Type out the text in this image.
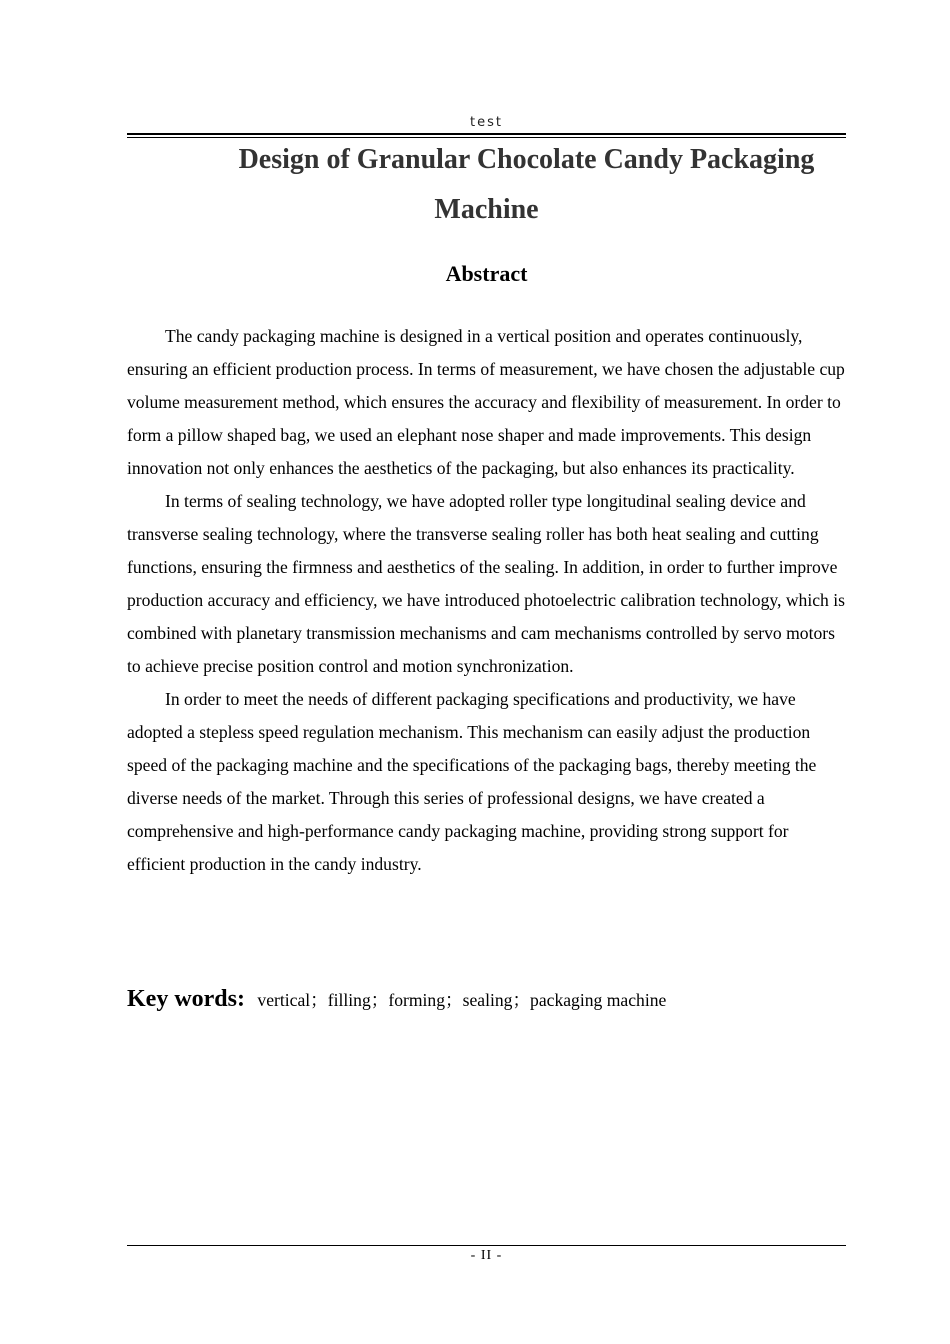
test
Design of Granular Chocolate Candy Packaging
Machine
Abstract

The candy packaging machine is designed in a vertical position and operates continuously, ensuring an efficient production process. In terms of measurement, we have chosen the adjustable cup volume measurement method, which ensures the accuracy and flexibility of measurement. In order to form a pillow shaped bag, we used an elephant nose shaper and made improvements. This design innovation not only enhances the aesthetics of the packaging, but also enhances its practicality.

In terms of sealing technology, we have adopted roller type longitudinal sealing device and transverse sealing technology, where the transverse sealing roller has both heat sealing and cutting functions, ensuring the firmness and aesthetics of the sealing. In addition, in order to further improve production accuracy and efficiency, we have introduced photoelectric calibration technology, which is combined with planetary transmission mechanisms and cam mechanisms controlled by servo motors to achieve precise position control and motion synchronization.

In order to meet the needs of different packaging specifications and productivity, we have adopted a stepless speed regulation mechanism. This mechanism can easily adjust the production speed of the packaging machine and the specifications of the packaging bags, thereby meeting the diverse needs of the market. Through this series of professional designs, we have created a comprehensive and high-performance candy packaging machine, providing strong support for efficient production in the candy industry.

Key words: vertical；filling；forming；sealing；packaging machine
- II -
